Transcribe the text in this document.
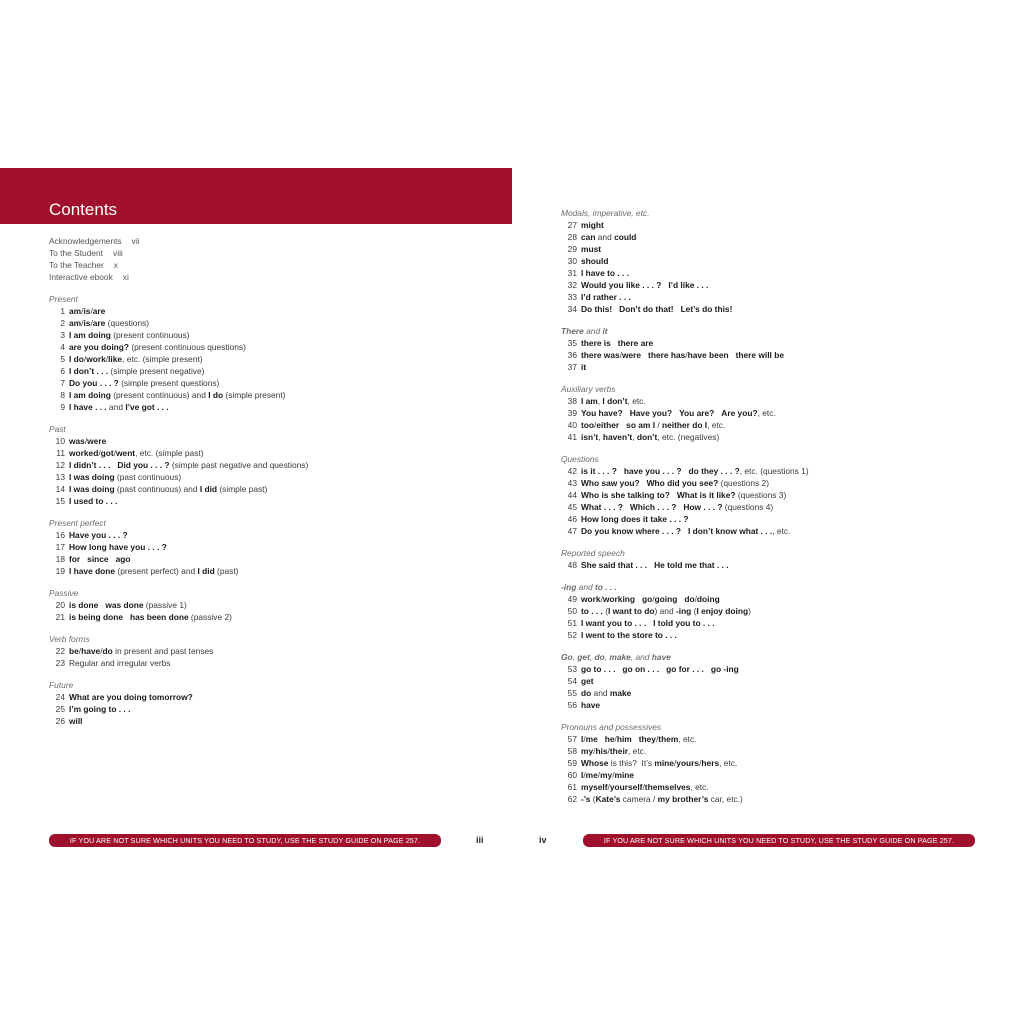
Contents
Acknowledgements vii
To the Student viii
To the Teacher x
Interactive ebook xi
Present
1 am/is/are
2 am/is/are (questions)
3 I am doing (present continuous)
4 are you doing? (present continuous questions)
5 I do/work/like, etc. (simple present)
6 I don’t . . . (simple present negative)
7 Do you . . . ? (simple present questions)
8 I am doing (present continuous) and I do (simple present)
9 I have . . . and I’ve got . . .
Past
10 was/were
11 worked/got/went, etc. (simple past)
12 I didn’t . . . Did you . . . ? (simple past negative and questions)
13 I was doing (past continuous)
14 I was doing (past continuous) and I did (simple past)
15 I used to . . .
Present perfect
16 Have you . . . ?
17 How long have you . . . ?
18 for since ago
19 I have done (present perfect) and I did (past)
Passive
20 is done was done (passive 1)
21 is being done has been done (passive 2)
Verb forms
22 be/have/do in present and past tenses
23 Regular and irregular verbs
Future
24 What are you doing tomorrow?
25 I’m going to . . .
26 will
Modals, imperative, etc.
27 might
28 can and could
29 must
30 should
31 I have to . . .
32 Would you like . . . ? I’d like . . .
33 I’d rather . . .
34 Do this! Don’t do that! Let’s do this!
There and it
35 there is there are
36 there was/were there has/have been there will be
37 it
Auxiliary verbs
38 I am, I don’t, etc.
39 You have? Have you? You are? Are you?, etc.
40 too/either so am I / neither do I, etc.
41 isn’t, haven’t, don’t, etc. (negatives)
Questions
42 is it . . . ? have you . . . ? do they . . . ?, etc. (questions 1)
43 Who saw you? Who did you see? (questions 2)
44 Who is she talking to? What is it like? (questions 3)
45 What . . . ? Which . . . ? How . . . ? (questions 4)
46 How long does it take . . . ?
47 Do you know where . . . ? I don’t know what . . ., etc.
Reported speech
48 She said that . . . He told me that . . .
-ing and to . . .
49 work/working go/going do/doing
50 to . . . (I want to do) and -ing (I enjoy doing)
51 I want you to . . . I told you to . . .
52 I went to the store to . . .
Go, get, do, make, and have
53 go to . . . go on . . . go for . . . go -ing
54 get
55 do and make
56 have
Pronouns and possessives
57 I/me he/him they/them, etc.
58 my/his/their, etc.
59 Whose is this?  It’s mine/yours/hers, etc.
60 I/me/my/mine
61 myself/yourself/themselves, etc.
62 -’s (Kate’s camera / my brother’s car, etc.)
IF YOU ARE NOT SURE WHICH UNITS YOU NEED TO STUDY, USE THE STUDY GUIDE ON PAGE 257.	iii	iv	IF YOU ARE NOT SURE WHICH UNITS YOU NEED TO STUDY, USE THE STUDY GUIDE ON PAGE 257.
